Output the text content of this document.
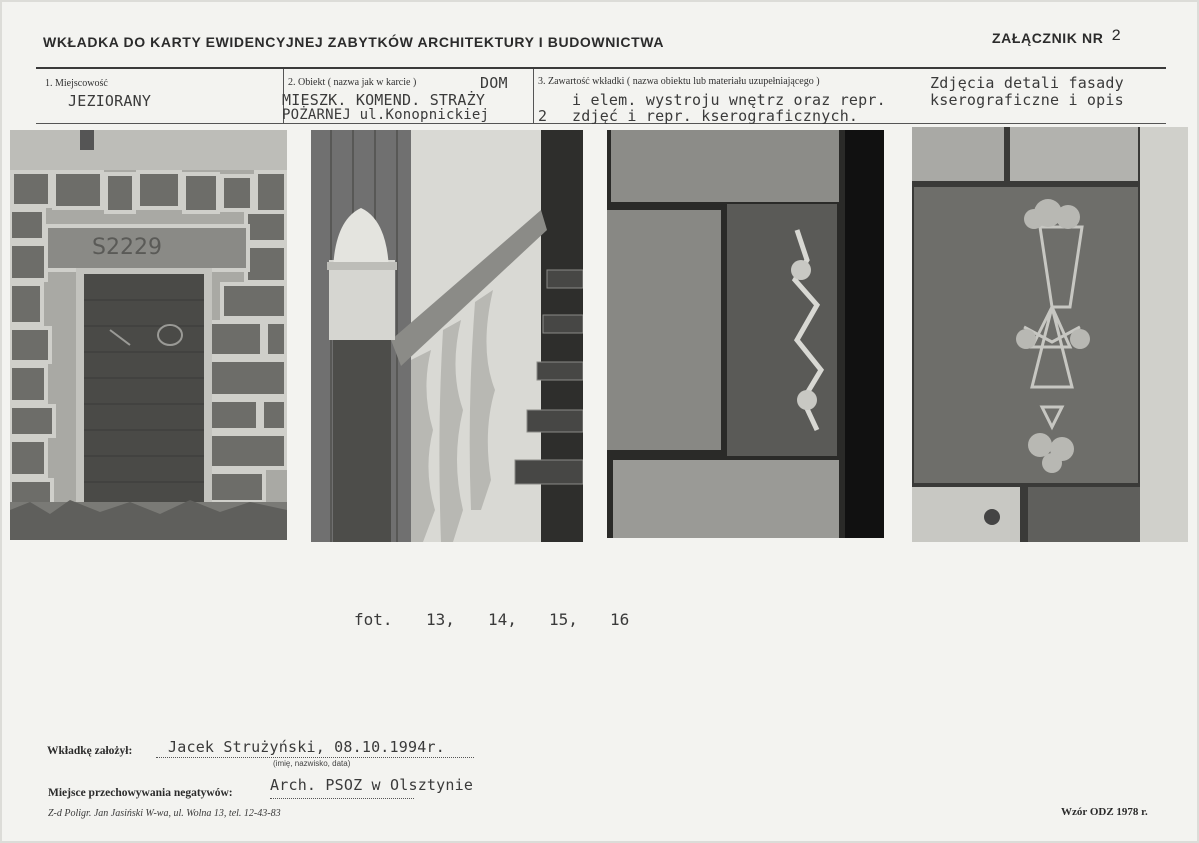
WKŁADKA DO KARTY EWIDENCYJNEJ ZABYTKÓW ARCHITEKTURY I BUDOWNICTWA	ZAŁĄCZNIK NR 2
1. Miejscowość
JEZIORANY
2. Obiekt ( nazwa jak w karcie )	DOM
MIESZK. KOMEND. STRAŻY
POŻARNEJ ul.Konopnickiej
3. Zawartość wkładki ( nazwa obiektu lub materiału uzupełniającego )	Zdjęcia detali fasady
i elem. wystroju wnętrz oraz repr.	kserograficzne i opis
2 zdjęć i repr. kserograficznych.
S2229
fot.	13,	14,	15,	16
Wkładkę założył: Jacek Strużyński, 08.10.1994r.
(imię, nazwisko, data)
Miejsce przechowywania negatywów: Arch. PSOZ w Olsztynie
Z-d Poligr. Jan Jasiński W-wa, ul. Wolna 13, tel. 12-43-83	Wzór ODZ 1978 r.
